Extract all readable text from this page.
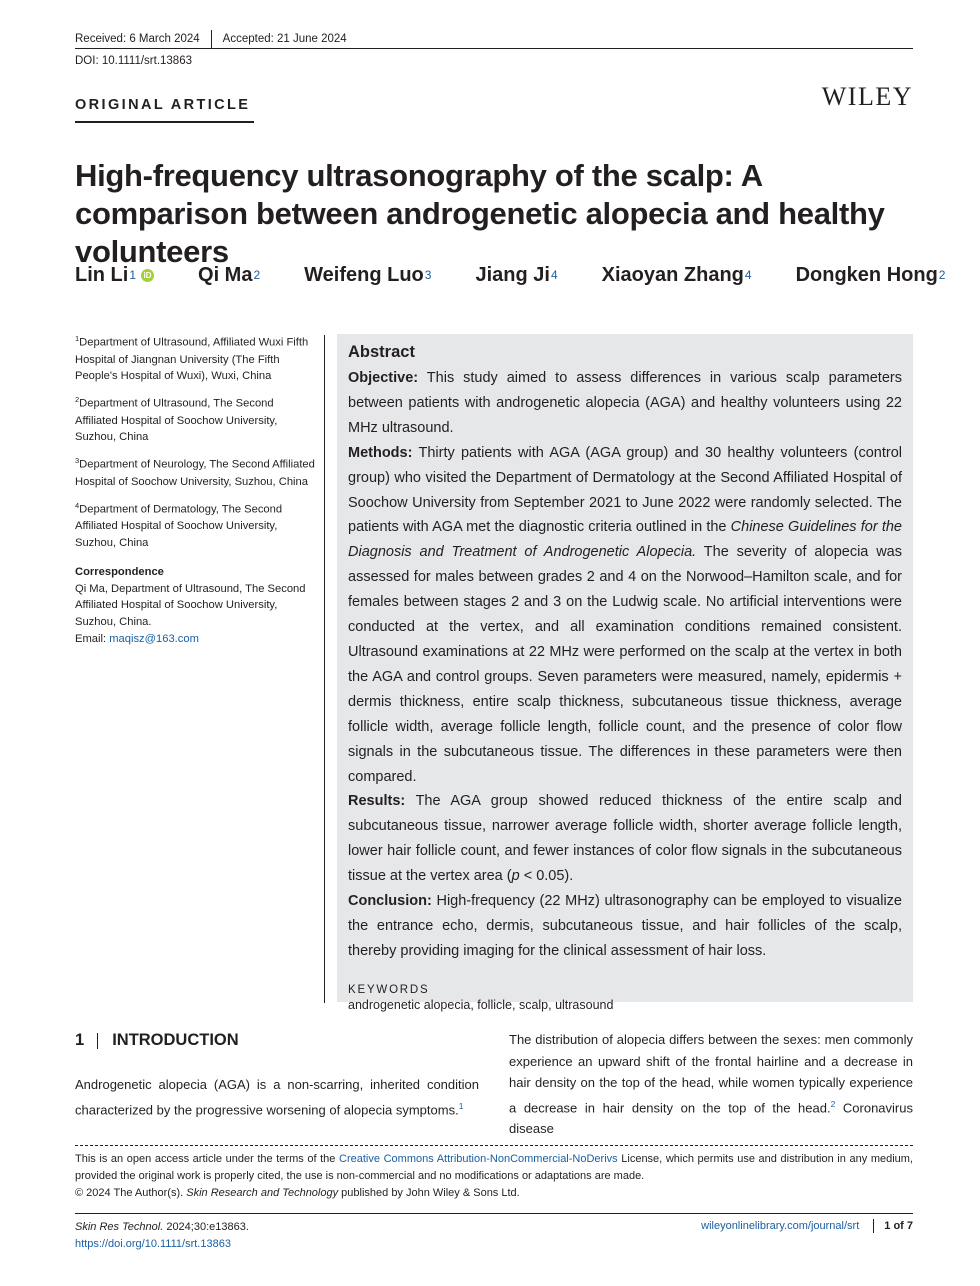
Received: 6 March 2024 Accepted: 21 June 2024
DOI: 10.1111/srt.13863
ORIGINAL ARTICLE	WILEY
High-frequency ultrasonography of the scalp: A comparison between androgenetic alopecia and healthy volunteers
Lin Li$^1$ iD Qi Ma$^2$ Weifeng Luo$^3$ Jiang Ji$^4$ Xiaoyan Zhang$^4$ Dongken Hong$^2$

$^1$Department of Ultrasound, Affiliated Wuxi Fifth Hospital of Jiangnan University (The Fifth People's Hospital of Wuxi), Wuxi, China

$^2$Department of Ultrasound, The Second Affiliated Hospital of Soochow University, Suzhou, China

$^3$Department of Neurology, The Second Affiliated Hospital of Soochow University, Suzhou, China

$^4$Department of Dermatology, The Second Affiliated Hospital of Soochow University, Suzhou, China

Correspondence
Qi Ma, Department of Ultrasound, The Second Affiliated Hospital of Soochow University, Suzhou, China.
Email: maqisz@163.com
Abstract

Objective: This study aimed to assess differences in various scalp parameters between patients with androgenetic alopecia (AGA) and healthy volunteers using 22 MHz ultrasound.

Methods: Thirty patients with AGA (AGA group) and 30 healthy volunteers (control group) who visited the Department of Dermatology at the Second Affiliated Hospital of Soochow University from September 2021 to June 2022 were randomly selected. The patients with AGA met the diagnostic criteria outlined in the Chinese Guidelines for the Diagnosis and Treatment of Androgenetic Alopecia. The severity of alopecia was assessed for males between grades 2 and 4 on the Norwood–Hamilton scale, and for females between stages 2 and 3 on the Ludwig scale. No artificial interventions were conducted at the vertex, and all examination conditions remained consistent. Ultrasound examinations at 22 MHz were performed on the scalp at the vertex in both the AGA and control groups. Seven parameters were measured, namely, epidermis + dermis thickness, entire scalp thickness, subcutaneous tissue thickness, average follicle width, average follicle length, follicle count, and the presence of color flow signals in the subcutaneous tissue. The differences in these parameters were then compared.

Results: The AGA group showed reduced thickness of the entire scalp and subcutaneous tissue, narrower average follicle width, shorter average follicle length, lower hair follicle count, and fewer instances of color flow signals in the subcutaneous tissue at the vertex area (p < 0.05).

Conclusion: High-frequency (22 MHz) ultrasonography can be employed to visualize the entrance echo, dermis, subcutaneous tissue, and hair follicles of the scalp, thereby providing imaging for the clinical assessment of hair loss.

KEYWORDS
androgenetic alopecia, follicle, scalp, ultrasound
1 INTRODUCTION

Androgenetic alopecia (AGA) is a non-scarring, inherited condition characterized by the progressive worsening of alopecia symptoms.$^1$

The distribution of alopecia differs between the sexes: men commonly experience an upward shift of the frontal hairline and a decrease in hair density on the top of the head, while women typically experience a decrease in hair density on the top of the head.$^2$ Coronavirus disease

This is an open access article under the terms of the Creative Commons Attribution-NonCommercial-NoDerivs License, which permits use and distribution in any medium, provided the original work is properly cited, the use is non-commercial and no modifications or adaptations are made.
© 2024 The Author(s). Skin Research and Technology published by John Wiley & Sons Ltd.

Skin Res Technol. 2024;30:e13863.
https://doi.org/10.1111/srt.13863
wileyonlinelibrary.com/journal/srt 1 of 7
